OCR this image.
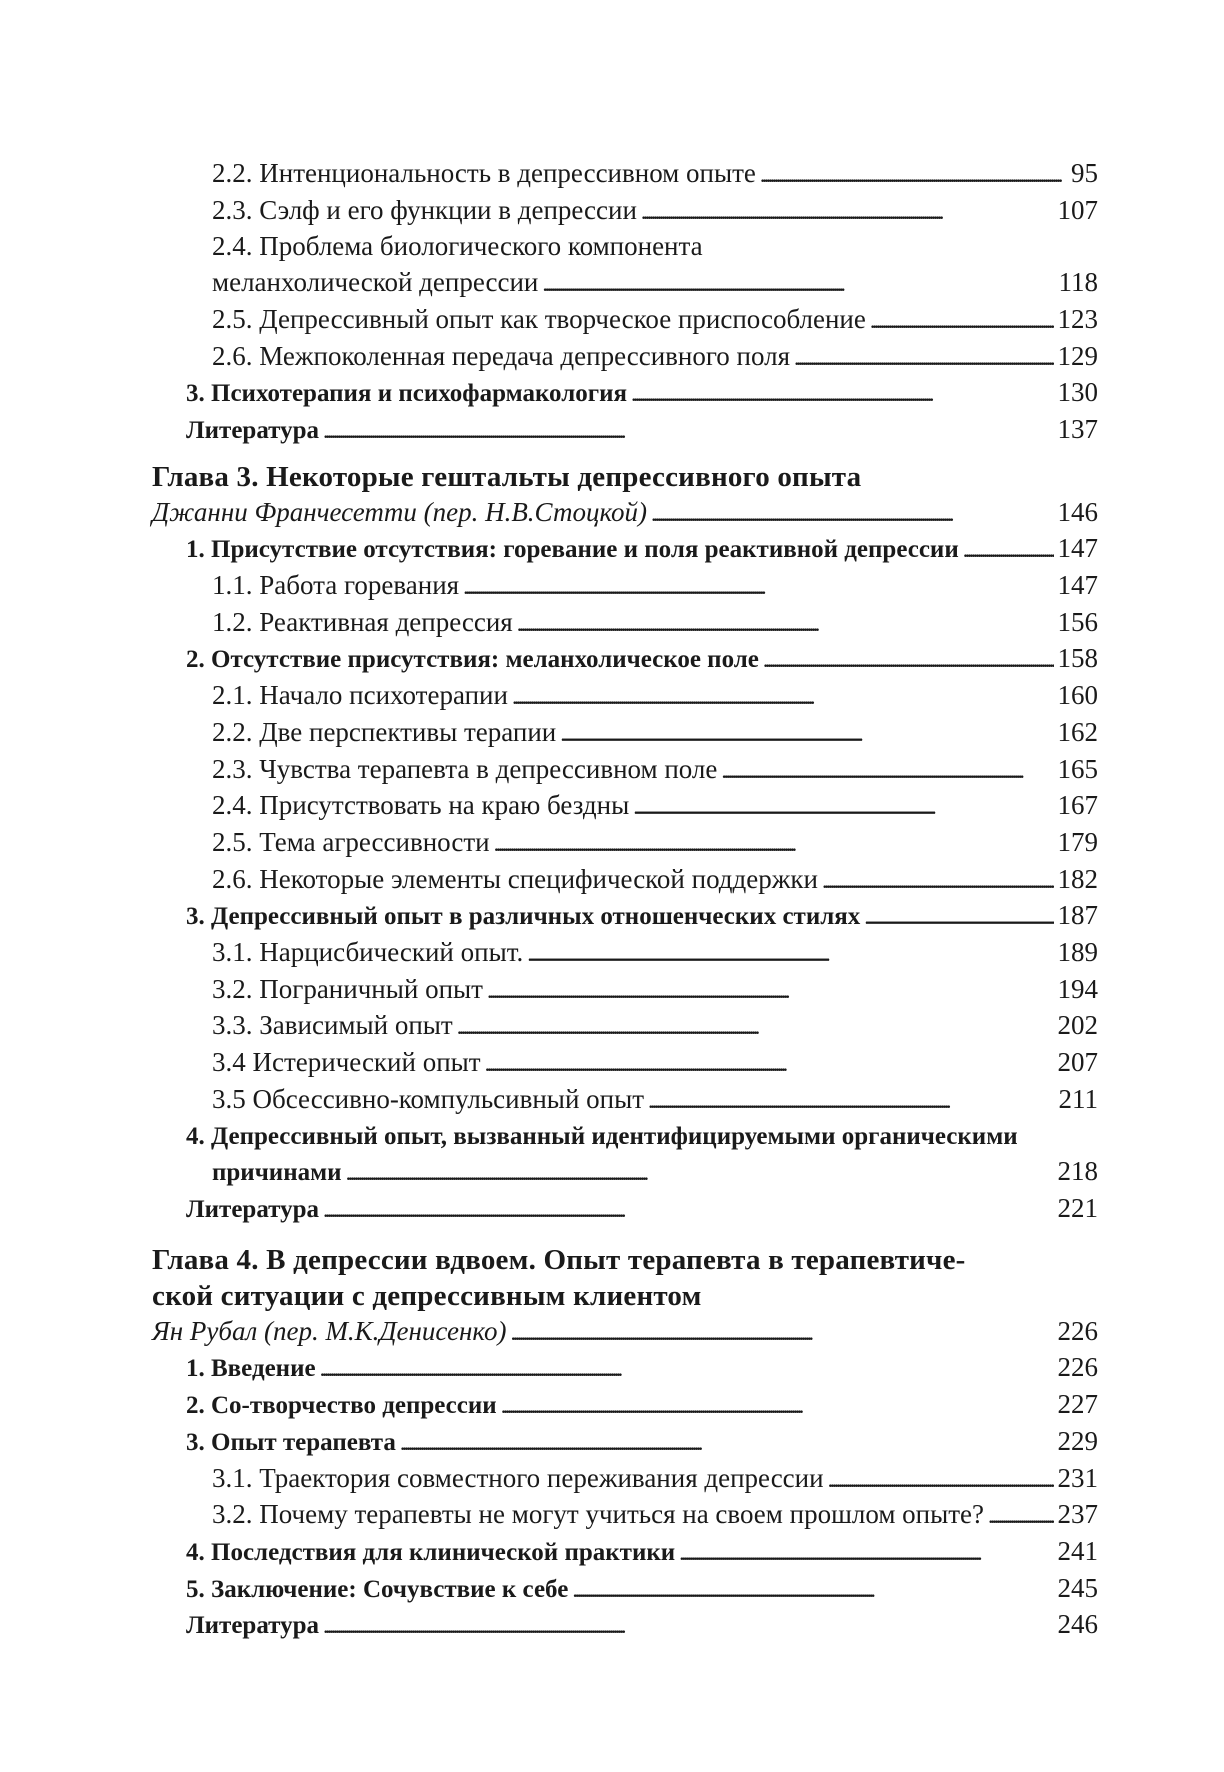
2.2. Интенциональность в депрессивном опыте . . .	95
2.3. Сэлф и его функции в депрессии . . .	107
2.4. Проблема биологического компонента
меланхолической депрессии . . .	118
2.5. Депрессивный опыт как творческое приспособление . . .	123
2.6. Межпоколенная передача депрессивного поля . . .	129
3. Психотерапия и психофармакология . . .	130
Литература . . .	137
Глава 3. Некоторые гештальты депрессивного опыта
Джанни Франчесетти (пер. Н.В.Стоцкой) . . .	146
1. Присутствие отсутствия: горевание и поля реактивной депрессии . . .	147
1.1. Работа горевания . . .	147
1.2. Реактивная депрессия . . .	156
2. Отсутствие присутствия: меланхолическое поле . . .	158
2.1. Начало психотерапии . . .	160
2.2. Две перспективы терапии . . .	162
2.3. Чувства терапевта в депрессивном поле . . .	165
2.4. Присутствовать на краю бездны . . .	167
2.5. Тема агрессивности . . .	179
2.6. Некоторые элементы специфической поддержки . . .	182
3. Депрессивный опыт в различных отношенческих стилях . . .	187
3.1. Нарцисбический опыт. . . .	189
3.2. Пограничный опыт . . .	194
3.3. Зависимый опыт . . .	202
3.4 Истерический опыт . . .	207
3.5 Обсессивно-компульсивный опыт . . .	211
4. Депрессивный опыт, вызванный идентифицируемыми органическими
причинами . . .	218
Литература . . .	221
Глава 4. В депрессии вдвоем. Опыт терапевта в терапевтиче-
ской ситуации с депрессивным клиентом
Ян Рубал (пер. М.К.Денисенко) . . .	226
1. Введение . . .	226
2. Со-творчество депрессии . . .	227
3. Опыт терапевта . . .	229
3.1. Траектория совместного переживания депрессии . . .	231
3.2. Почему терапевты не могут учиться на своем прошлом опыте? . . .	237
4. Последствия для клинической практики . . .	241
5. Заключение: Сочувствие к себе . . .	245
Литература . . .	246
